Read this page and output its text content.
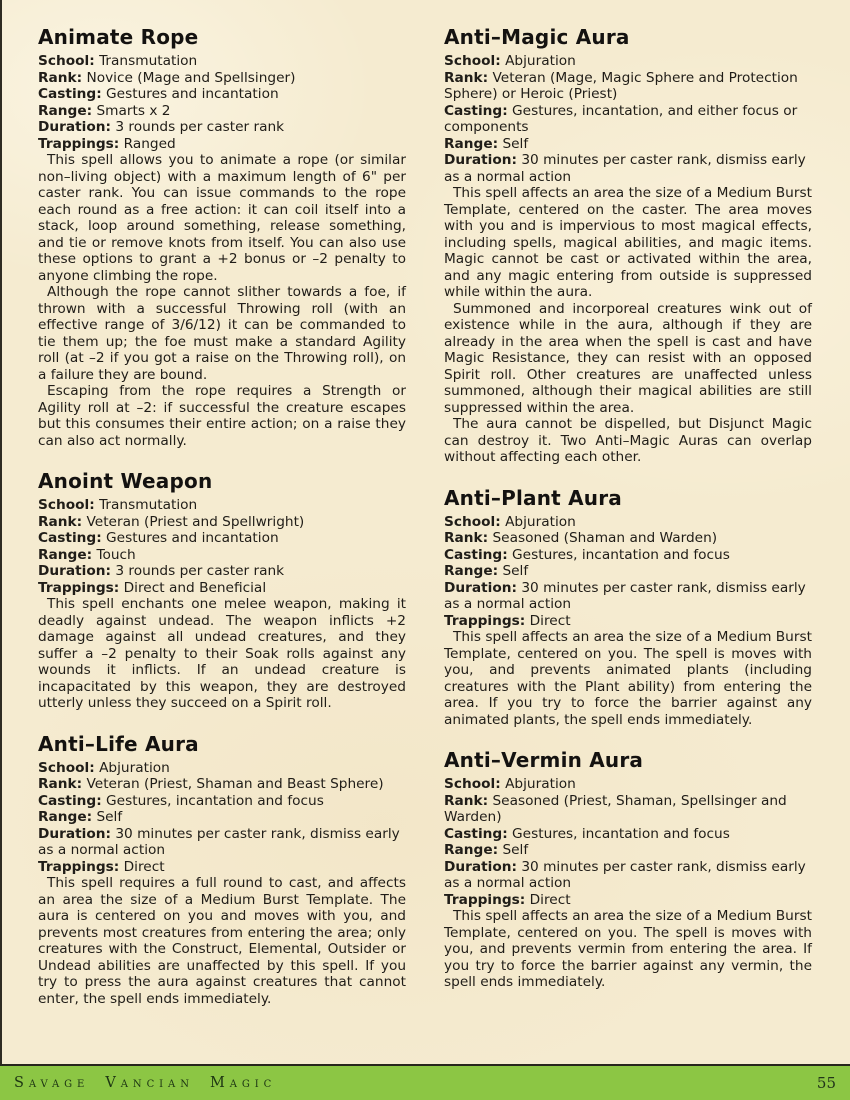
Animate Rope
School: Transmutation
Rank: Novice (Mage and Spellsinger)
Casting: Gestures and incantation
Range: Smarts x 2
Duration: 3 rounds per caster rank
Trappings: Ranged

This spell allows you to animate a rope (or similar non–living object) with a maximum length of 6" per caster rank. You can issue commands to the rope each round as a free action: it can coil itself into a stack, loop around something, release something, and tie or remove knots from itself. You can also use these options to grant a +2 bonus or –2 penalty to anyone climbing the rope.

Although the rope cannot slither towards a foe, if thrown with a successful Throwing roll (with an effective range of 3/6/12) it can be commanded to tie them up; the foe must make a standard Agility roll (at –2 if you got a raise on the Throwing roll), on a failure they are bound.

Escaping from the rope requires a Strength or Agility roll at –2: if successful the creature escapes but this consumes their entire action; on a raise they can also act normally.

Anoint Weapon
School: Transmutation
Rank: Veteran (Priest and Spellwright)
Casting: Gestures and incantation
Range: Touch
Duration: 3 rounds per caster rank
Trappings: Direct and Beneficial

This spell enchants one melee weapon, making it deadly against undead. The weapon inflicts +2 damage against all undead creatures, and they suffer a –2 penalty to their Soak rolls against any wounds it inflicts. If an undead creature is incapacitated by this weapon, they are destroyed utterly unless they succeed on a Spirit roll.

Anti–Life Aura
School: Abjuration
Rank: Veteran (Priest, Shaman and Beast Sphere)
Casting: Gestures, incantation and focus
Range: Self
Duration: 30 minutes per caster rank, dismiss early as a normal action
Trappings: Direct

This spell requires a full round to cast, and affects an area the size of a Medium Burst Template. The aura is centered on you and moves with you, and prevents most creatures from entering the area; only creatures with the Construct, Elemental, Outsider or Undead abilities are unaffected by this spell. If you try to press the aura against creatures that cannot enter, the spell ends immediately.

Anti–Magic Aura
School: Abjuration
Rank: Veteran (Mage, Magic Sphere and Protection Sphere) or Heroic (Priest)
Casting: Gestures, incantation, and either focus or components
Range: Self
Duration: 30 minutes per caster rank, dismiss early as a normal action

This spell affects an area the size of a Medium Burst Template, centered on the caster. The area moves with you and is impervious to most magical effects, including spells, magical abilities, and magic items. Magic cannot be cast or activated within the area, and any magic entering from outside is suppressed while within the aura.

Summoned and incorporeal creatures wink out of existence while in the aura, although if they are already in the area when the spell is cast and have Magic Resistance, they can resist with an opposed Spirit roll. Other creatures are unaffected unless summoned, although their magical abilities are still suppressed within the area.

The aura cannot be dispelled, but Disjunct Magic can destroy it. Two Anti–Magic Auras can overlap without affecting each other.

Anti–Plant Aura
School: Abjuration
Rank: Seasoned (Shaman and Warden)
Casting: Gestures, incantation and focus
Range: Self
Duration: 30 minutes per caster rank, dismiss early as a normal action
Trappings: Direct

This spell affects an area the size of a Medium Burst Template, centered on you. The spell is moves with you, and prevents animated plants (including creatures with the Plant ability) from entering the area. If you try to force the barrier against any animated plants, the spell ends immediately.

Anti–Vermin Aura
School: Abjuration
Rank: Seasoned (Priest, Shaman, Spellsinger and Warden)
Casting: Gestures, incantation and focus
Range: Self
Duration: 30 minutes per caster rank, dismiss early as a normal action
Trappings: Direct

This spell affects an area the size of a Medium Burst Template, centered on you. The spell is moves with you, and prevents vermin from entering the area. If you try to force the barrier against any vermin, the spell ends immediately.

Savage Vancian Magic	55
